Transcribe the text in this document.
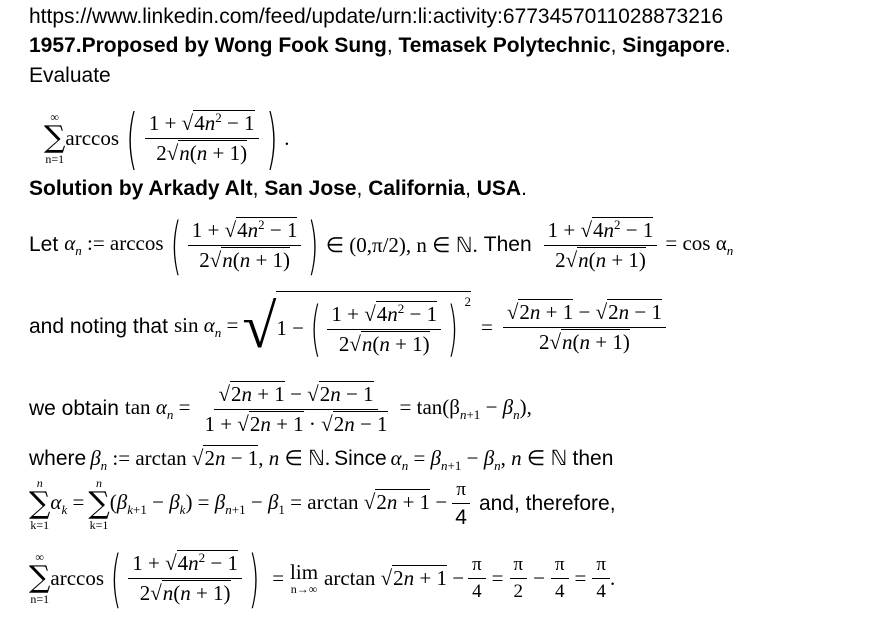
https://www.linkedin.com/feed/update/urn:li:activity:6773457011028873216
1957.Proposed by Wong Fook Sung, Temasek Polytechnic, Singapore.
Evaluate
∞
∑
n=1
arccos ( $\frac{1 + √4n^2 - 1}{2√n(n + 1)}$ ) .
Solution by Arkady Alt, San Jose, California, USA.
Let $\alpha_n$ := arccos ( $\frac{1 + √4n^2 - 1}{2√n(n + 1)}$ ) ∈ (0,π/2), n ∈ ℕ. Then $\frac{1 + √4n^2 - 1}{2√n(n + 1)} = \cos \alpha_n$
and noting that $\sin \alpha_n$ = √ 1 − ( $\frac{1 + √4n^2 - 1}{2√n(n + 1)}$ ) $^2$
= $\frac{√2n + 1 - √2n - 1}{2√n(n + 1)}$
we obtain $\tan \alpha_n = \frac{√2n + 1 - √2n - 1}{1 + √2n + 1 \cdot √2n - 1} = \tan(\beta_{n+1} - \beta_n)$,
where $\beta_n$ := arctan √2n − 1, n ∈ ℕ. Since $\alpha_n = \beta_{n+1} - \beta_n$, n ∈ ℕ then
n
∑
k=1
$\alpha_k$ =
n
∑
k=1
$(\beta_{k+1} - \beta_k) = \beta_{n+1} - \beta_1 = \arctan √2n + 1 - \frac{\pi}{4}$ and, therefore,
∞
∑
n=1
arccos ( $\frac{1 + √4n^2 - 1}{2√n(n + 1)}$ ) = lim
n→∞ $\arctan √2n + 1 - \frac{\pi}{4} = \frac{\pi}{2} - \frac{\pi}{4} = \frac{\pi}{4}$ .
